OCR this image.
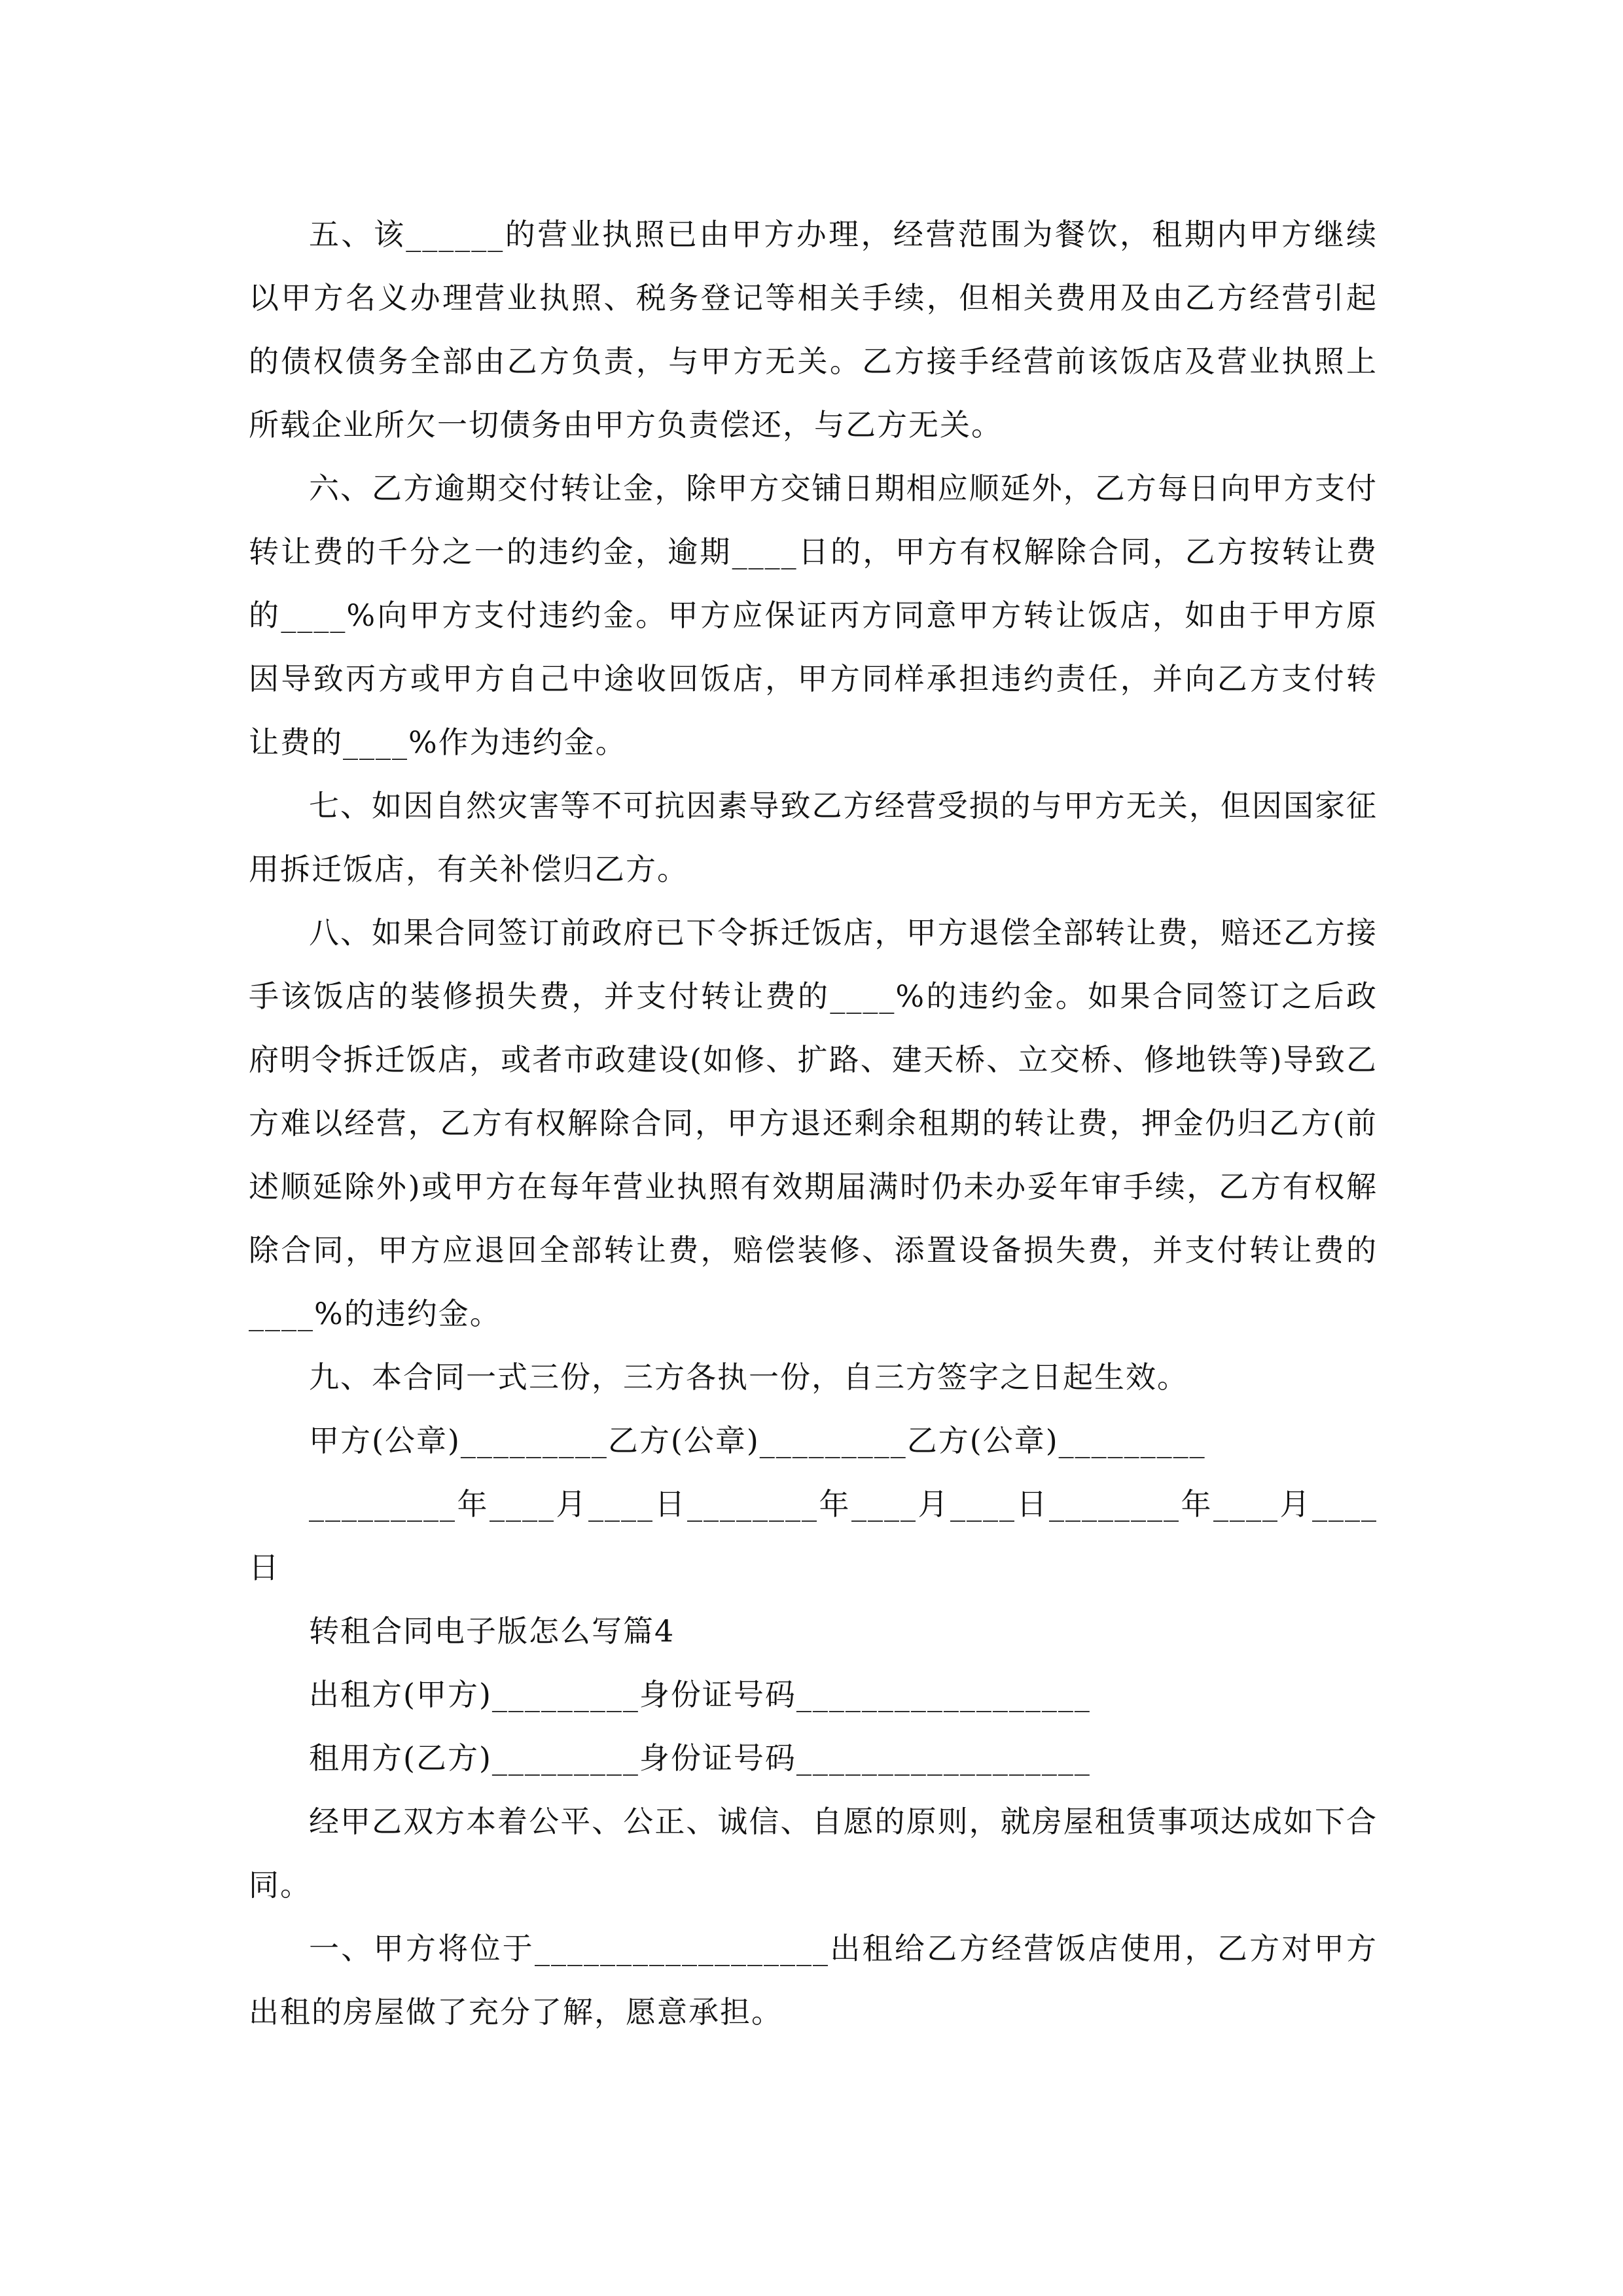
五、该______的营业执照已由甲方办理，经营范围为餐饮，租期内甲方继续以甲方名义办理营业执照、税务登记等相关手续，但相关费用及由乙方经营引起的债权债务全部由乙方负责，与甲方无关。乙方接手经营前该饭店及营业执照上所载企业所欠一切债务由甲方负责偿还，与乙方无关。

六、乙方逾期交付转让金，除甲方交铺日期相应顺延外，乙方每日向甲方支付转让费的千分之一的违约金，逾期____日的，甲方有权解除合同，乙方按转让费的____%向甲方支付违约金。甲方应保证丙方同意甲方转让饭店，如由于甲方原因导致丙方或甲方自己中途收回饭店，甲方同样承担违约责任，并向乙方支付转让费的____%作为违约金。

七、如因自然灾害等不可抗因素导致乙方经营受损的与甲方无关，但因国家征用拆迁饭店，有关补偿归乙方。

八、如果合同签订前政府已下令拆迁饭店，甲方退偿全部转让费，赔还乙方接手该饭店的装修损失费，并支付转让费的____%的违约金。如果合同签订之后政府明令拆迁饭店，或者市政建设(如修、扩路、建天桥、立交桥、修地铁等)导致乙方难以经营，乙方有权解除合同，甲方退还剩余租期的转让费，押金仍归乙方(前述顺延除外)或甲方在每年营业执照有效期届满时仍未办妥年审手续，乙方有权解除合同，甲方应退回全部转让费，赔偿装修、添置设备损失费，并支付转让费的____%的违约金。

九、本合同一式三份，三方各执一份，自三方签字之日起生效。

甲方(公章)_________乙方(公章)_________乙方(公章)_________

_________年____月____日________年____月____日________年____月____日

转租合同电子版怎么写篇4

出租方(甲方)_________身份证号码__________________

租用方(乙方)_________身份证号码__________________

经甲乙双方本着公平、公正、诚信、自愿的原则，就房屋租赁事项达成如下合同。

一、甲方将位于__________________出租给乙方经营饭店使用，乙方对甲方出租的房屋做了充分了解，愿意承担。
